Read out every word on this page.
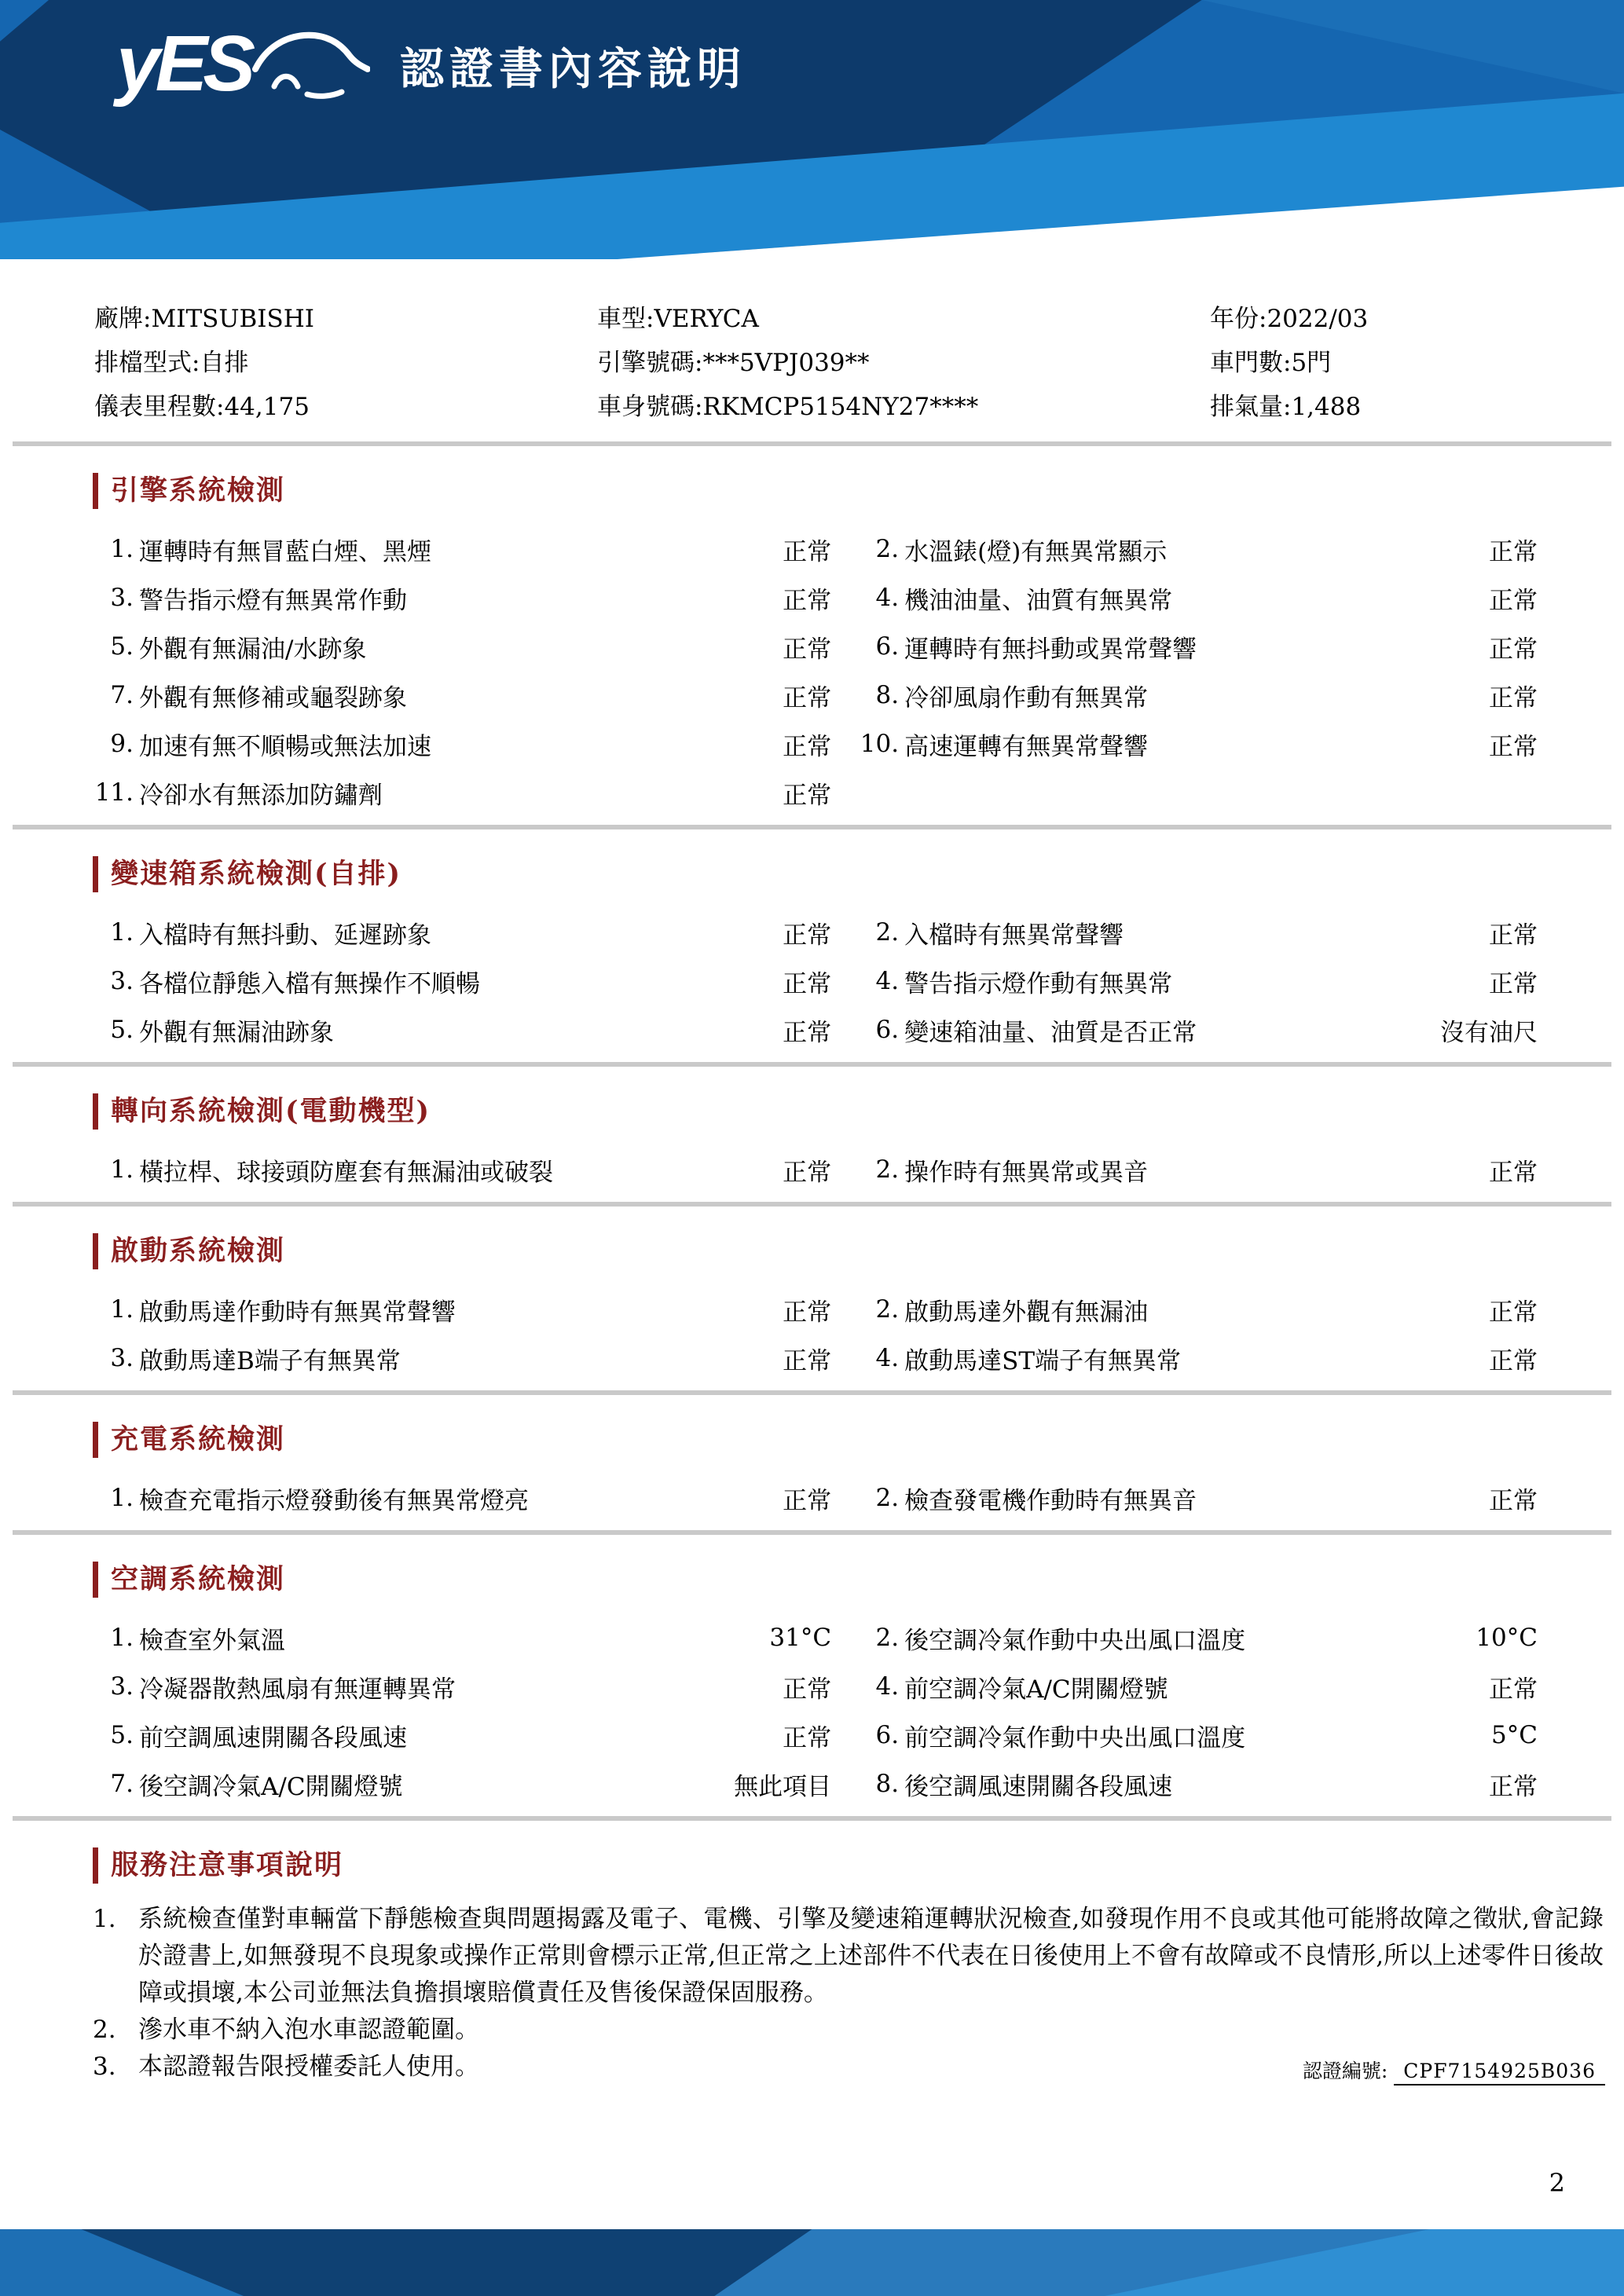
yES	認證書內容說明
廠牌:MITSUBISHI	車型:VERYCA	年份:2022/03
排檔型式:自排	引擎號碼:***5VPJ039**	車門數:5門
儀表里程數:44,175	車身號碼:RKMCP5154NY27****	排氣量:1,488
引擎系統檢測
1. 運轉時有無冒藍白煙、黑煙	正常	2. 水溫錶(燈)有無異常顯示	正常
3. 警告指示燈有無異常作動	正常	4. 機油油量、油質有無異常	正常
5. 外觀有無漏油/水跡象	正常	6. 運轉時有無抖動或異常聲響	正常
7. 外觀有無修補或龜裂跡象	正常	8. 冷卻風扇作動有無異常	正常
9. 加速有無不順暢或無法加速	正常 10. 高速運轉有無異常聲響	正常
11. 冷卻水有無添加防鏽劑	正常
變速箱系統檢測(自排)
1. 入檔時有無抖動、延遲跡象	正常	2. 入檔時有無異常聲響	正常
3. 各檔位靜態入檔有無操作不順暢	正常	4. 警告指示燈作動有無異常	正常
5. 外觀有無漏油跡象	正常	6. 變速箱油量、油質是否正常	沒有油尺
轉向系統檢測(電動機型)
1. 橫拉桿、球接頭防塵套有無漏油或破裂	正常	2. 操作時有無異常或異音	正常
啟動系統檢測
1. 啟動馬達作動時有無異常聲響	正常	2. 啟動馬達外觀有無漏油	正常
3. 啟動馬達B端子有無異常	正常	4. 啟動馬達ST端子有無異常	正常
充電系統檢測
1. 檢查充電指示燈發動後有無異常燈亮	正常	2. 檢查發電機作動時有無異音	正常
空調系統檢測
1. 檢查室外氣溫	31°C	2. 後空調冷氣作動中央出風口溫度	10°C
3. 冷凝器散熱風扇有無運轉異常	正常	4. 前空調冷氣A/C開關燈號	正常
5. 前空調風速開關各段風速	正常	6. 前空調冷氣作動中央出風口溫度	5°C
7. 後空調冷氣A/C開關燈號	無此項目	8. 後空調風速開關各段風速	正常
服務注意事項說明
1. 系統檢查僅對車輛當下靜態檢查與問題揭露及電子、電機、引擎及變速箱運轉狀況檢查,如發現作用不良或其他可能將故障之徵狀,會記錄於證書上,如無發現不良現象或操作正常則會標示正常,但正常之上述部件不代表在日後使用上不會有故障或不良情形,所以上述零件日後故障或損壞,本公司並無法負擔損壞賠償責任及售後保證保固服務。
2. 滲水車不納入泡水車認證範圍。
3. 本認證報告限授權委託人使用。	認證編號: CPF7154925B036
2
